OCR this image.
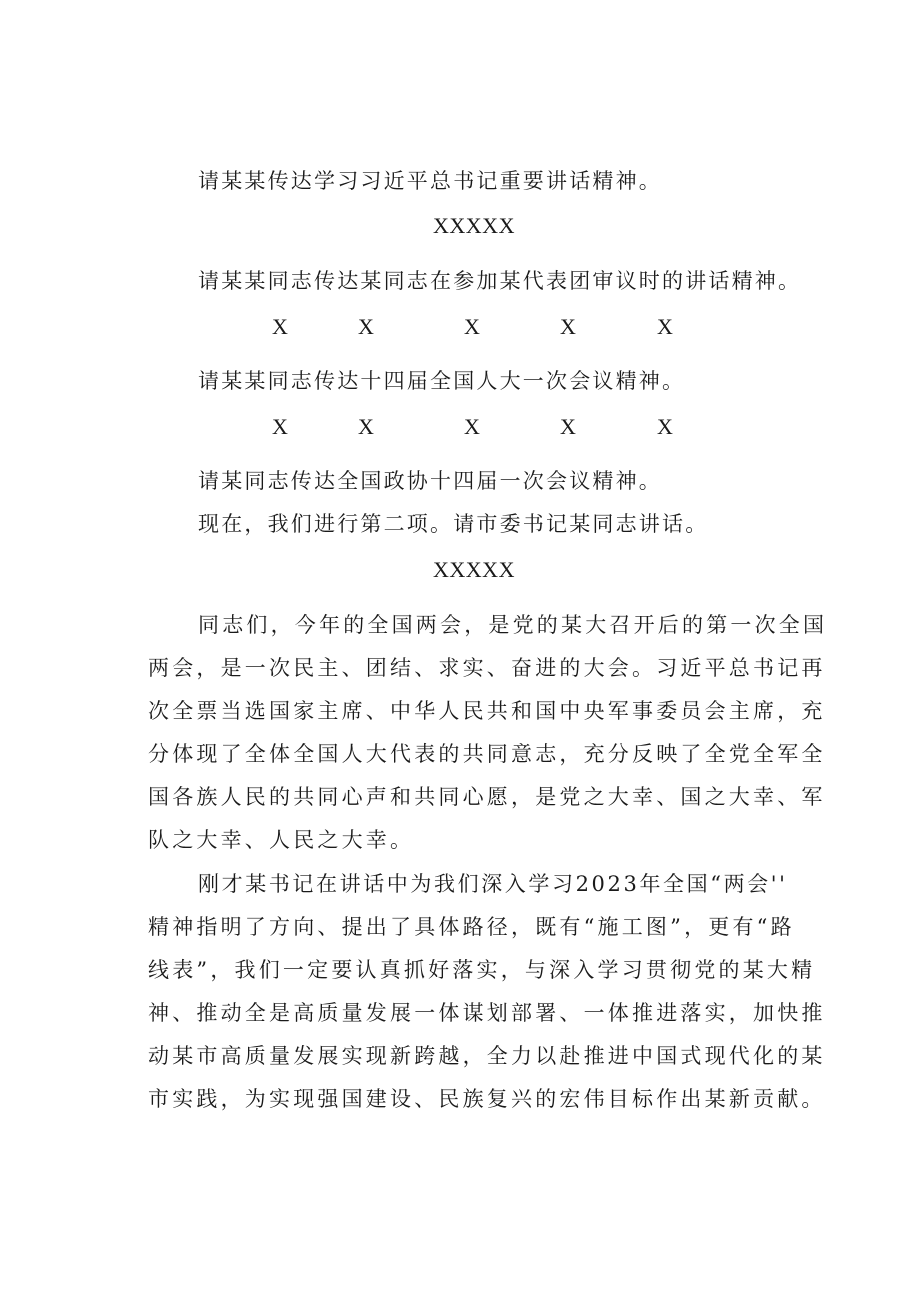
请某某传达学习习近平总书记重要讲话精神。
XXXXX
请某某同志传达某同志在参加某代表团审议时的讲话精神。
X	X	X	X	X
请某某同志传达十四届全国人大一次会议精神。
X	X	X	X	X
请某同志传达全国政协十四届一次会议精神。
现在，我们进行第二项。请市委书记某同志讲话。
XXXXX
同志们，今年的全国两会，是党的某大召开后的第一次全国
两会，是一次民主、团结、求实、奋进的大会。习近平总书记再
次全票当选国家主席、中华人民共和国中央军事委员会主席，充
分体现了全体全国人大代表的共同意志，充分反映了全党全军全
国各族人民的共同心声和共同心愿，是党之大幸、国之大幸、军
队之大幸、人民之大幸。
刚才某书记在讲话中为我们深入学习2023年全国“两会''
精神指明了方向、提出了具体路径，既有“施工图”，更有“路
线表”，我们一定要认真抓好落实，与深入学习贯彻党的某大精
神、推动全是高质量发展一体谋划部署、一体推进落实，加快推
动某市高质量发展实现新跨越，全力以赴推进中国式现代化的某
市实践，为实现强国建设、民族复兴的宏伟目标作出某新贡献。
